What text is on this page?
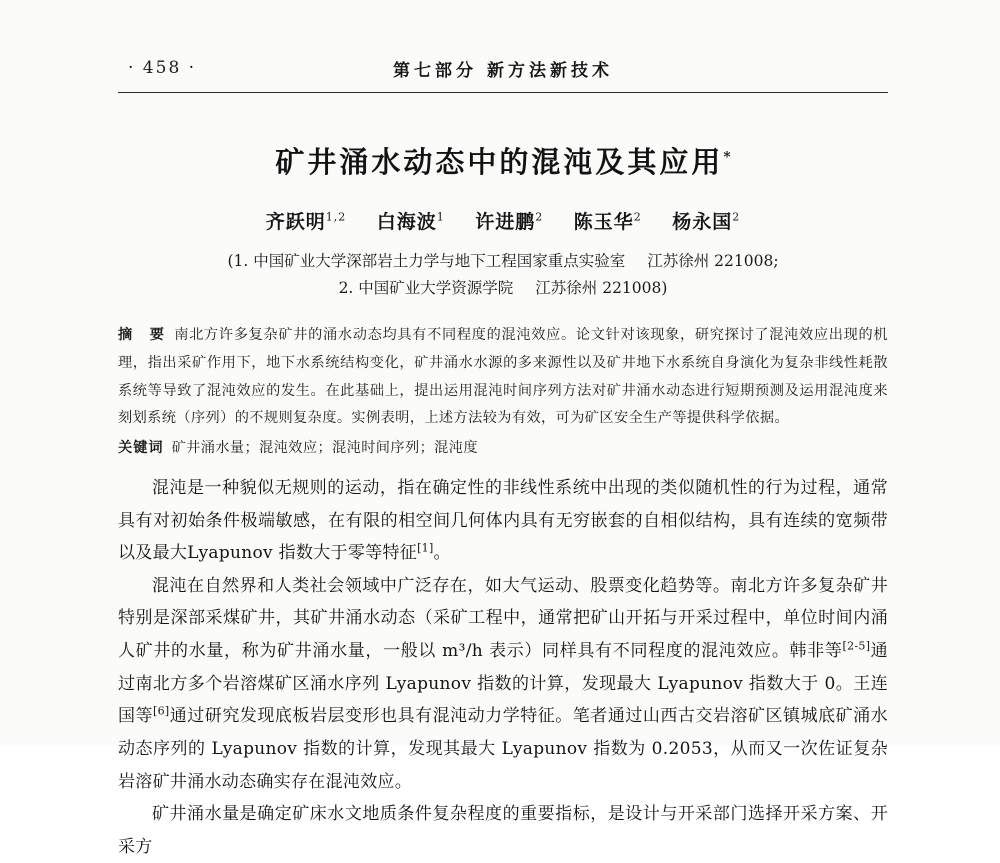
· 458 ·	第七部分 新方法新技术
矿井涌水动态中的混沌及其应用*
齐跃明$^{1,2}$ 白海波$^1$ 许进鹏$^2$ 陈玉华$^2$ 杨永国$^2$
(1. 中国矿业大学深部岩土力学与地下工程国家重点实验室 江苏徐州 221008;
2. 中国矿业大学资源学院 江苏徐州 221008)
摘 要 南北方许多复杂矿井的涌水动态均具有不同程度的混沌效应。论文针对该现象，研究探讨了混沌效应出现的机理，指出采矿作用下，地下水系统结构变化，矿井涌水水源的多来源性以及矿井地下水系统自身演化为复杂非线性耗散系统等导致了混沌效应的发生。在此基础上，提出运用混沌时间序列方法对矿井涌水动态进行短期预测及运用混沌度来刻划系统（序列）的不规则复杂度。实例表明，上述方法较为有效，可为矿区安全生产等提供科学依据。
关键词 矿井涌水量；混沌效应；混沌时间序列；混沌度

混沌是一种貌似无规则的运动，指在确定性的非线性系统中出现的类似随机性的行为过程，通常具有对初始条件极端敏感，在有限的相空间几何体内具有无穷嵌套的自相似结构，具有连续的宽频带以及最大Lyapunov 指数大于零等特征[1]。

混沌在自然界和人类社会领域中广泛存在，如大气运动、股票变化趋势等。南北方许多复杂矿井特别是深部采煤矿井，其矿井涌水动态（采矿工程中，通常把矿山开拓与开采过程中，单位时间内涌人矿井的水量，称为矿井涌水量，一般以 m³/h 表示）同样具有不同程度的混沌效应。韩非等[2-5]通过南北方多个岩溶煤矿区涌水序列 Lyapunov 指数的计算，发现最大 Lyapunov 指数大于 0。王连国等[6]通过研究发现底板岩层变形也具有混沌动力学特征。笔者通过山西古交岩溶矿区镇城底矿涌水动态序列的 Lyapunov 指数的计算，发现其最大 Lyapunov 指数为 0.2053，从而又一次佐证复杂岩溶矿井涌水动态确实存在混沌效应。

矿井涌水量是确定矿床水文地质条件复杂程度的重要指标，是设计与开采部门选择开采方案、开采方
